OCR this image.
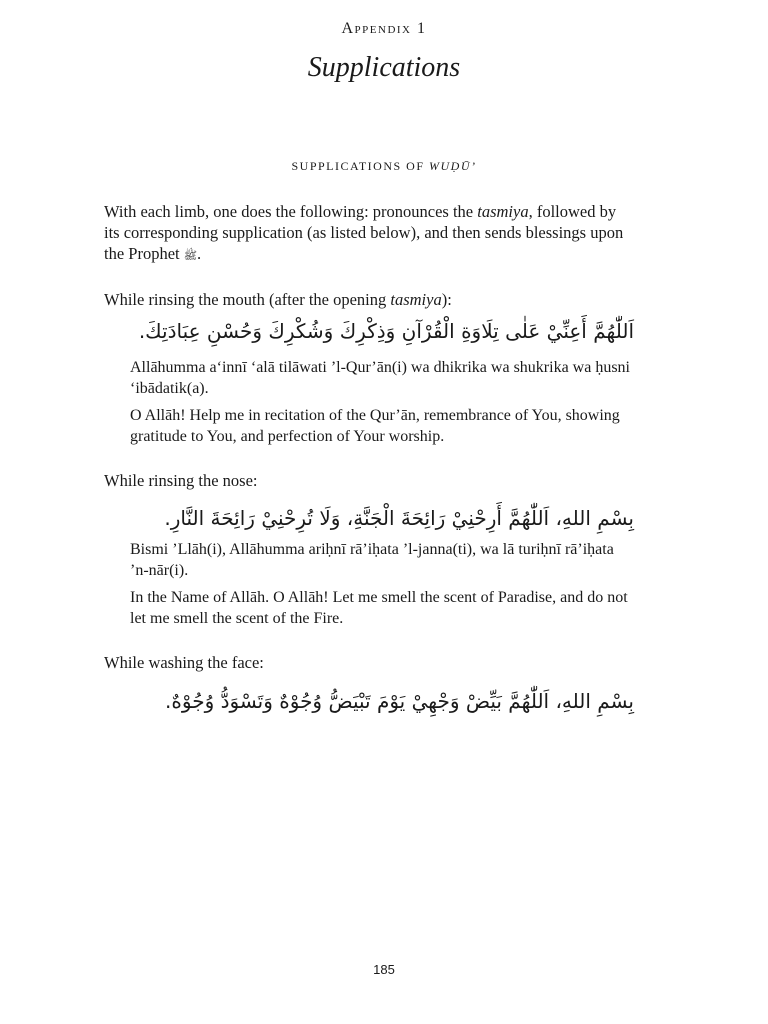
Appendix 1
Supplications
SUPPLICATIONS OF WUḌŪ’
With each limb, one does the following: pronounces the tasmiya, followed by its corresponding supplication (as listed below), and then sends blessings upon the Prophet ﷺ.
While rinsing the mouth (after the opening tasmiya):
اَللّٰهُمَّ أَعِنِّيْ عَلٰى تِلَاوَةِ الْقُرْآنِ وَذِكْرِكَ وَشُكْرِكَ وَحُسْنِ عِبَادَتِكَ.
Allāhumma a‘innī ‘alā tilāwati ’l-Qur’ān(i) wa dhikrika wa shukrika wa ḥusni ‘ibādatik(a).
O Allāh! Help me in recitation of the Qur’ān, remembrance of You, showing gratitude to You, and perfection of Your worship.
While rinsing the nose:
بِسْمِ اللهِ، اَللّٰهُمَّ أَرِحْنِيْ رَائِحَةَ الْجَنَّةِ، وَلَا تُرِحْنِيْ رَائِحَةَ النَّارِ.
Bismi ’Llāh(i), Allāhumma ariḥnī rā’iḥata ’l-janna(ti), wa lā turiḥnī rā’iḥata ’n-nār(i).
In the Name of Allāh. O Allāh! Let me smell the scent of Paradise, and do not let me smell the scent of the Fire.
While washing the face:
بِسْمِ اللهِ، اَللّٰهُمَّ بَيِّضْ وَجْهِيْ يَوْمَ تَبْيَضُّ وُجُوْهٌ وَتَسْوَدُّ وُجُوْهٌ.
185
